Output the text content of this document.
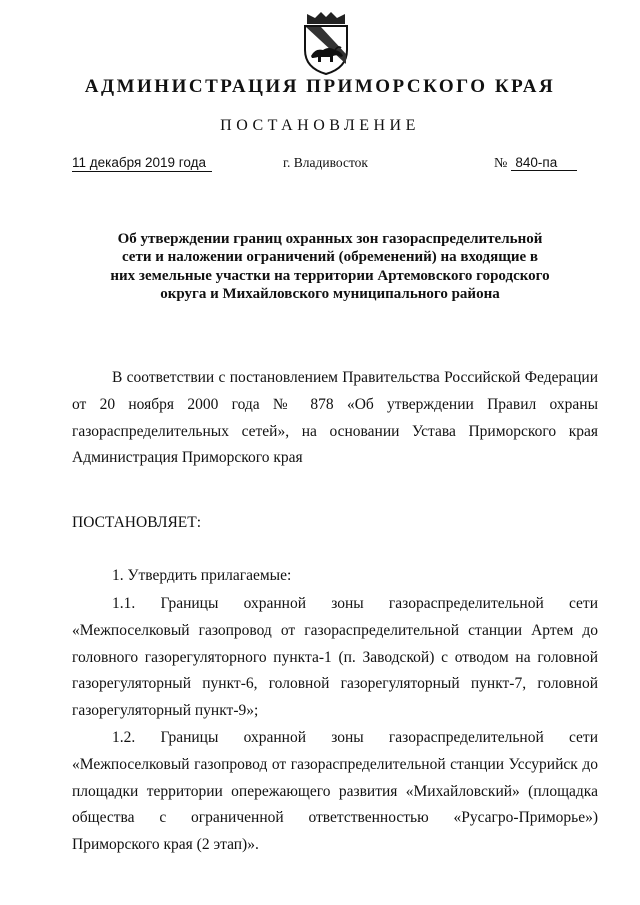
АДМИНИСТРАЦИЯ ПРИМОРСКОГО КРАЯ
ПОСТАНОВЛЕНИЕ
11 декабря 2019 года	г. Владивосток	№ 840-па
Об утверждении границ охранных зон газораспределительной сети и наложении ограничений (обременений) на входящие в них земельные участки на территории Артемовского городского округа и Михайловского муниципального района

В соответствии с постановлением Правительства Российской Федерации от 20 ноября 2000 года № 878 «Об утверждении Правил охраны газораспределительных сетей», на основании Устава Приморского края Администрация Приморского края

ПОСТАНОВЛЯЕТ:

1. Утвердить прилагаемые:

1.1. Границы охранной зоны газораспределительной сети «Межпоселковый газопровод от газораспределительной станции Артем до головного газорегуляторного пункта-1 (п. Заводской) с отводом на головной газорегуляторный пункт-6, головной газорегуляторный пункт-7, головной газорегуляторный пункт-9»;

1.2. Границы охранной зоны газораспределительной сети «Межпоселковый газопровод от газораспределительной станции Уссурийск до площадки территории опережающего развития «Михайловский» (площадка общества с ограниченной ответственностью «Русагро-Приморье») Приморского края (2 этап)».
